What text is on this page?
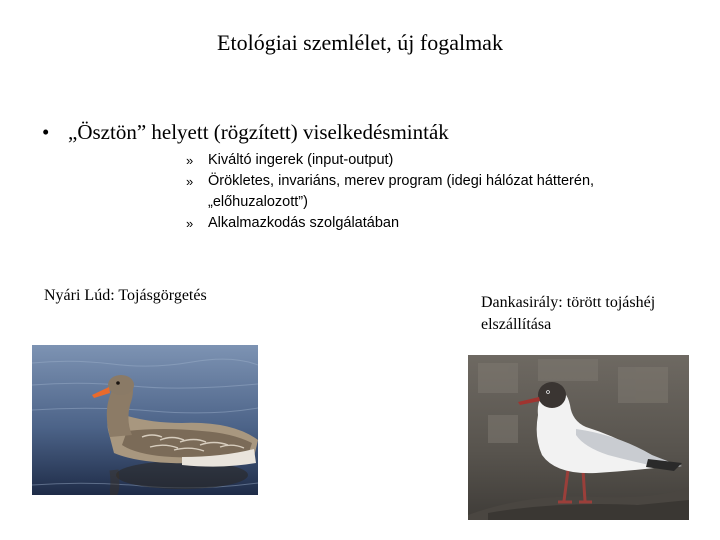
Etológiai szemlélet, új fogalmak
• „Ösztön” helyett (rögzített) viselkedésminták
» Kiváltó ingerek (input-output)
» Örökletes, invariáns, merev program (idegi hálózat hátterén, „előhuzalozott”)
» Alkalmazkodás szolgálatában
Nyári Lúd: Tojásgörgetés	Dankasirály: törött tojáshéj elszállítása
